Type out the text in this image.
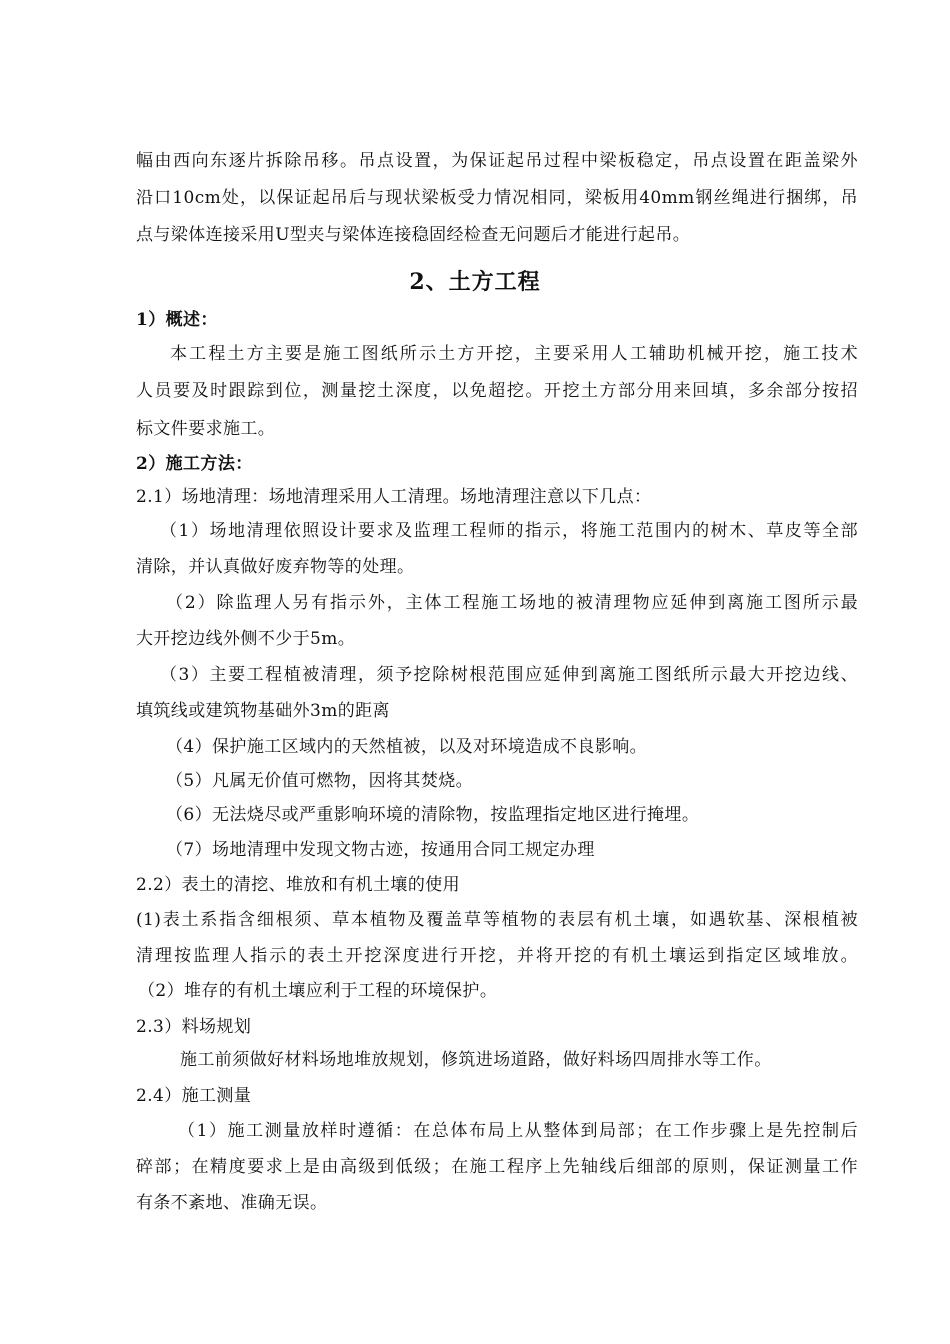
幅由西向东逐片拆除吊移。吊点设置，为保证起吊过程中梁板稳定，吊点设置在距盖梁外
沿口10cm处，以保证起吊后与现状梁板受力情况相同，梁板用40mm钢丝绳进行捆绑，吊
点与梁体连接采用U型夹与梁体连接稳固经检查无问题后才能进行起吊。
2、土方工程
1）概述：
本工程土方主要是施工图纸所示土方开挖，主要采用人工辅助机械开挖，施工技术
人员要及时跟踪到位，测量挖土深度，以免超挖。开挖土方部分用来回填，多余部分按招
标文件要求施工。
2）施工方法：
2.1）场地清理：场地清理采用人工清理。场地清理注意以下几点：
（1）场地清理依照设计要求及监理工程师的指示，将施工范围内的树木、草皮等全部
清除，并认真做好废弃物等的处理。
（2）除监理人另有指示外，主体工程施工场地的被清理物应延伸到离施工图所示最
大开挖边线外侧不少于5m。
（3）主要工程植被清理，须予挖除树根范围应延伸到离施工图纸所示最大开挖边线、
填筑线或建筑物基础外3m的距离
（4）保护施工区域内的天然植被，以及对环境造成不良影响。
（5）凡属无价值可燃物，因将其焚烧。
（6）无法烧尽或严重影响环境的清除物，按监理指定地区进行掩埋。
（7）场地清理中发现文物古迹，按通用合同工规定办理
2.2）表土的清挖、堆放和有机土壤的使用
(1)表土系指含细根须、草本植物及覆盖草等植物的表层有机土壤，如遇软基、深根植被
清理按监理人指示的表土开挖深度进行开挖，并将开挖的有机土壤运到指定区域堆放。
（2）堆存的有机土壤应利于工程的环境保护。
2.3）料场规划
施工前须做好材料场地堆放规划，修筑进场道路，做好料场四周排水等工作。
2.4）施工测量
（1）施工测量放样时遵循：在总体布局上从整体到局部；在工作步骤上是先控制后
碎部；在精度要求上是由高级到低级；在施工程序上先轴线后细部的原则，保证测量工作
有条不紊地、准确无误。
